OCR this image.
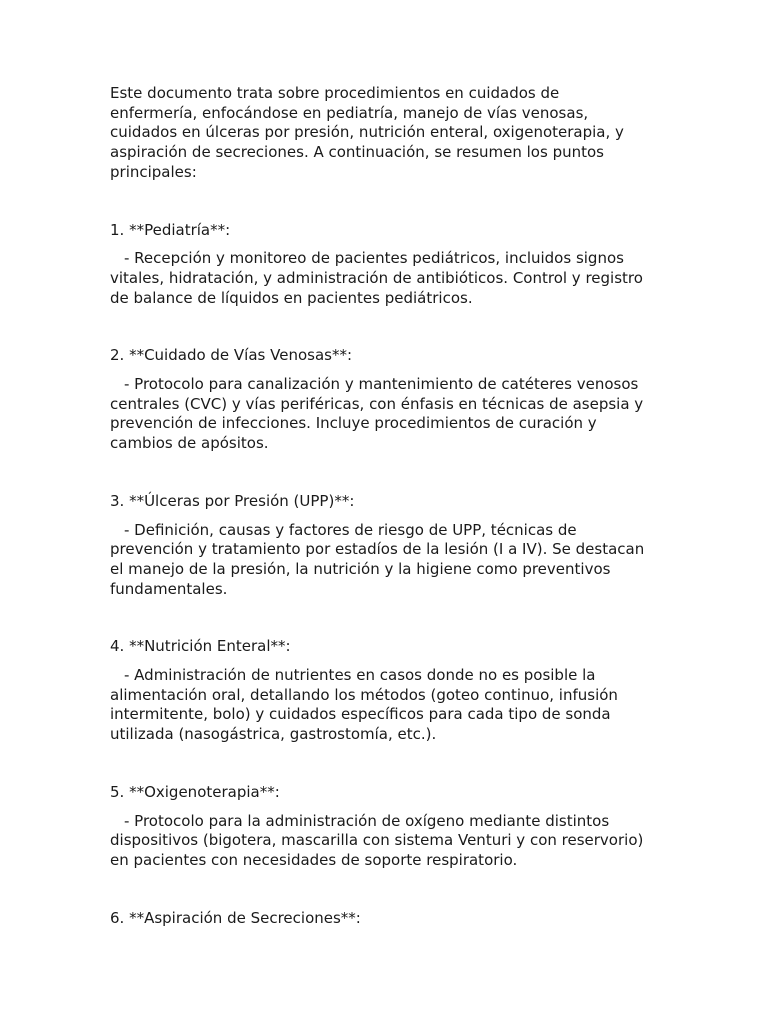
Este documento trata sobre procedimientos en cuidados de enfermería, enfocándose en pediatría, manejo de vías venosas, cuidados en úlceras por presión, nutrición enteral, oxigenoterapia, y aspiración de secreciones. A continuación, se resumen los puntos principales:

1. **Pediatría**:

- Recepción y monitoreo de pacientes pediátricos, incluidos signos vitales, hidratación, y administración de antibióticos. Control y registro de balance de líquidos en pacientes pediátricos.

2. **Cuidado de Vías Venosas**:

- Protocolo para canalización y mantenimiento de catéteres venosos centrales (CVC) y vías periféricas, con énfasis en técnicas de asepsia y prevención de infecciones. Incluye procedimientos de curación y cambios de apósitos.

3. **Úlceras por Presión (UPP)**:

- Definición, causas y factores de riesgo de UPP, técnicas de prevención y tratamiento por estadíos de la lesión (I a IV). Se destacan el manejo de la presión, la nutrición y la higiene como preventivos fundamentales.

4. **Nutrición Enteral**:

- Administración de nutrientes en casos donde no es posible la alimentación oral, detallando los métodos (goteo continuo, infusión intermitente, bolo) y cuidados específicos para cada tipo de sonda utilizada (nasogástrica, gastrostomía, etc.).

5. **Oxigenoterapia**:

- Protocolo para la administración de oxígeno mediante distintos dispositivos (bigotera, mascarilla con sistema Venturi y con reservorio) en pacientes con necesidades de soporte respiratorio.

6. **Aspiración de Secreciones**:
